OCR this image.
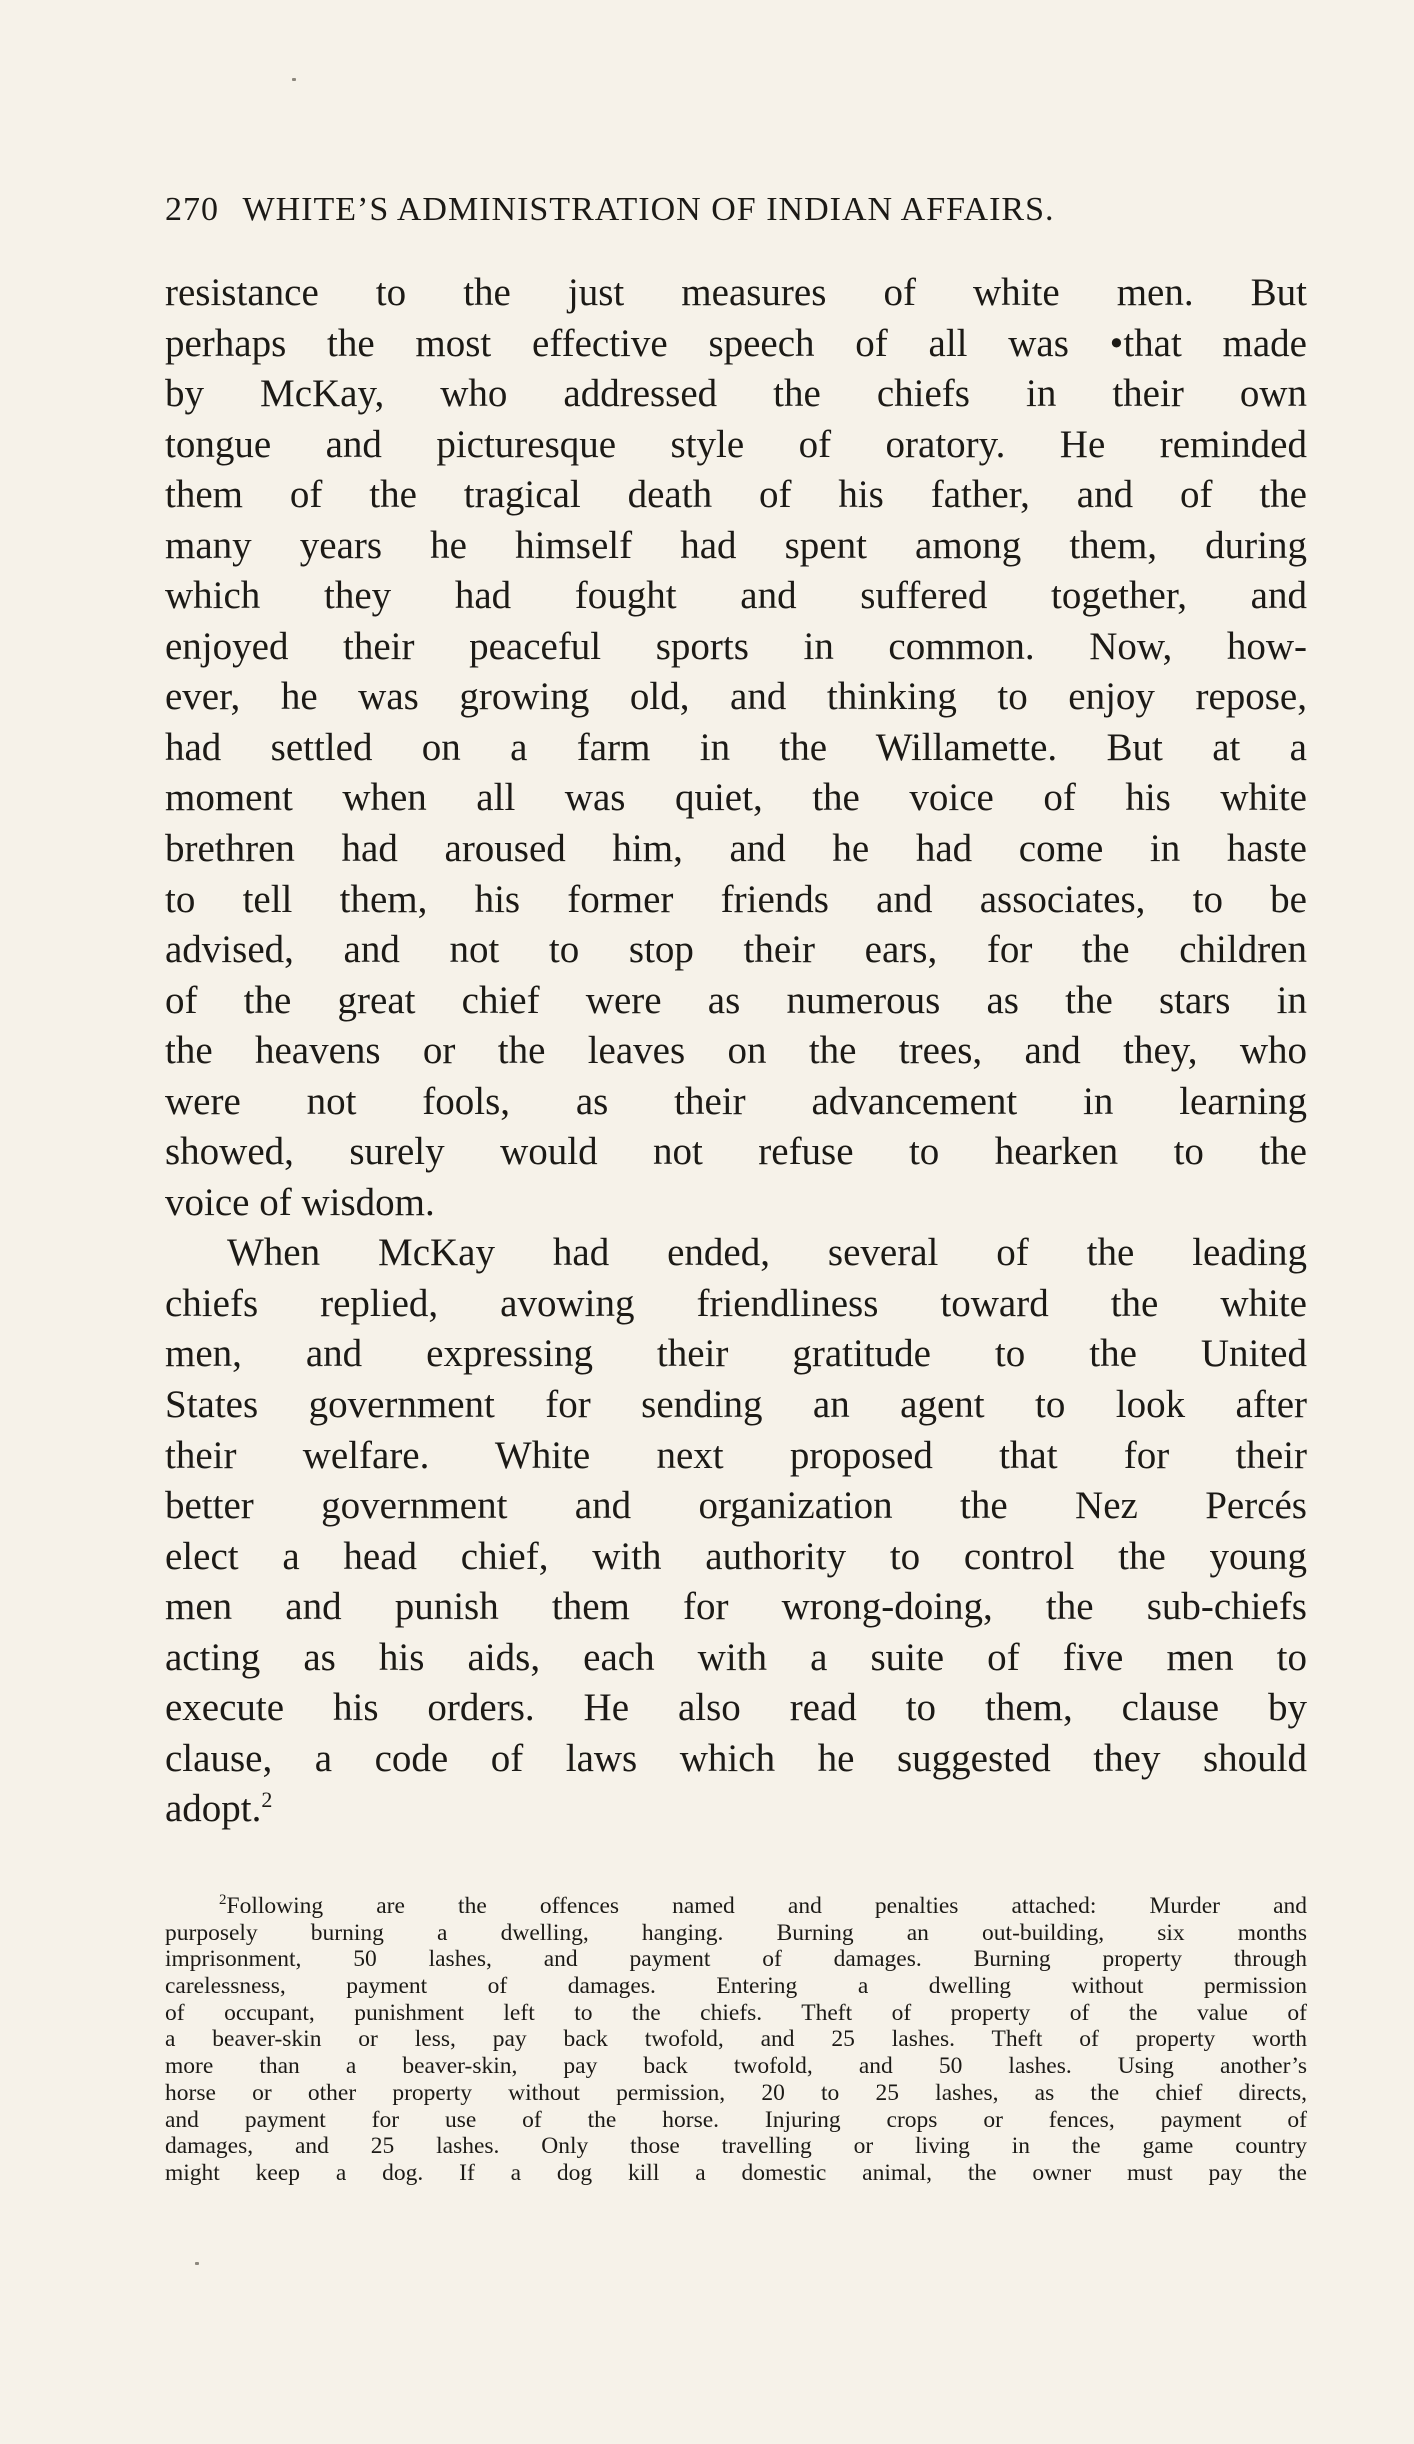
270 WHITE’S ADMINISTRATION OF INDIAN AFFAIRS.
resistance to the just measures of white men. But
perhaps the most effective speech of all was •that made
by McKay, who addressed the chiefs in their own
tongue and picturesque style of oratory. He reminded
them of the tragical death of his father, and of the
many years he himself had spent among them, during
which they had fought and suffered together, and
enjoyed their peaceful sports in common. Now, how-
ever, he was growing old, and thinking to enjoy repose,
had settled on a farm in the Willamette. But at a
moment when all was quiet, the voice of his white
brethren had aroused him, and he had come in haste
to tell them, his former friends and associates, to be
advised, and not to stop their ears, for the children
of the great chief were as numerous as the stars in
the heavens or the leaves on the trees, and they, who
were not fools, as their advancement in learning
showed, surely would not refuse to hearken to the
voice of wisdom.
When McKay had ended, several of the leading
chiefs replied, avowing friendliness toward the white
men, and expressing their gratitude to the United
States government for sending an agent to look after
their welfare. White next proposed that for their
better government and organization the Nez Percés
elect a head chief, with authority to control the young
men and punish them for wrong-doing, the sub-chiefs
acting as his aids, each with a suite of five men to
execute his orders. He also read to them, clause by
clause, a code of laws which he suggested they should
adopt.$^2$
$^2$Following are the offences named and penalties attached: Murder and
purposely burning a dwelling, hanging. Burning an out-building, six months
imprisonment, 50 lashes, and payment of damages. Burning property through
carelessness, payment of damages. Entering a dwelling without permission
of occupant, punishment left to the chiefs. Theft of property of the value of
a beaver-skin or less, pay back twofold, and 25 lashes. Theft of property worth
more than a beaver-skin, pay back twofold, and 50 lashes. Using another’s
horse or other property without permission, 20 to 25 lashes, as the chief directs,
and payment for use of the horse. Injuring crops or fences, payment of
damages, and 25 lashes. Only those travelling or living in the game country
might keep a dog. If a dog kill a domestic animal, the owner must pay the
